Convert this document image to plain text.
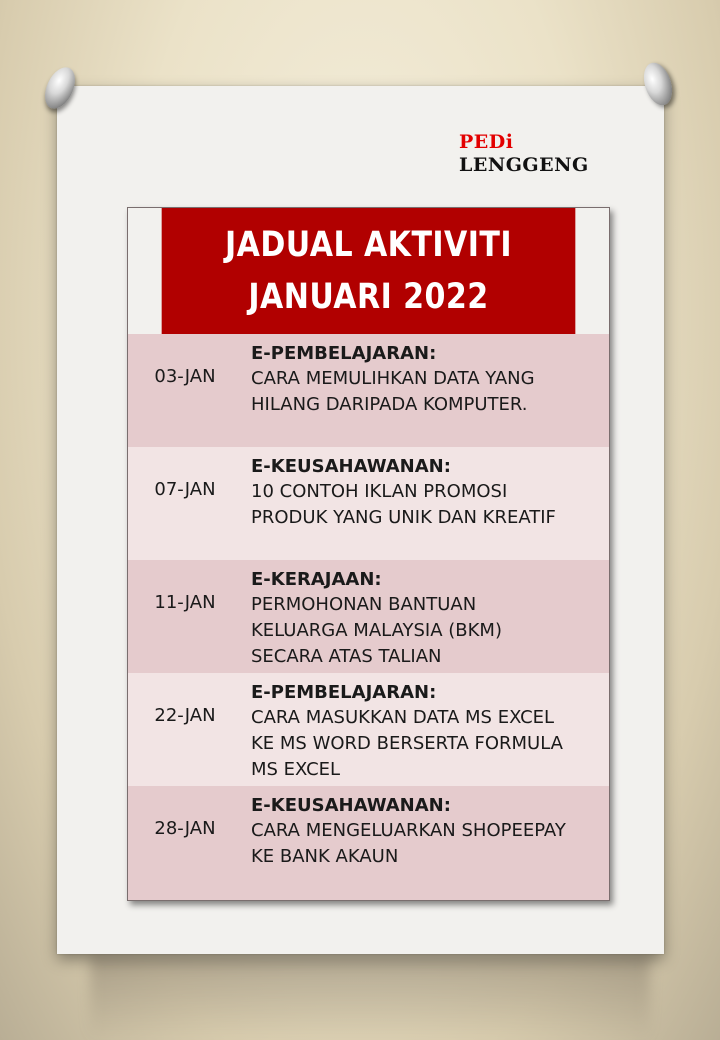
PEDi
LENGGENG
JADUAL AKTIVITI JANUARI 2022
03-JAN
E-PEMBELAJARAN:
CARA MEMULIHKAN DATA YANG
HILANG DARIPADA KOMPUTER.
07-JAN
E-KEUSAHAWANAN:
10 CONTOH IKLAN PROMOSI
PRODUK YANG UNIK DAN KREATIF
11-JAN
E-KERAJAAN:
PERMOHONAN BANTUAN
KELUARGA MALAYSIA (BKM)
SECARA ATAS TALIAN
22-JAN
E-PEMBELAJARAN:
CARA MASUKKAN DATA MS EXCEL
KE MS WORD BERSERTA FORMULA
MS EXCEL
28-JAN
E-KEUSAHAWANAN:
CARA MENGELUARKAN SHOPEEPAY
KE BANK AKAUN
